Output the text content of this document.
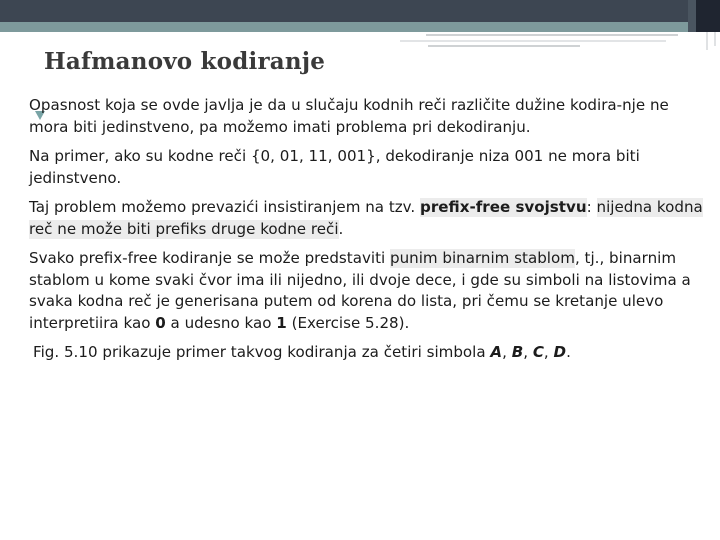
Hafmanovo kodiranje

Opasnost koja se ovde javlja je da u slučaju kodnih reči različite dužine kodira-nje ne mora biti jedinstveno, pa možemo imati problema pri dekodiranju.

Na primer, ako su kodne reči {0, 01, 11, 001}, dekodiranje niza 001 ne mora biti jedinstveno.

Taj problem možemo prevazići insistiranjem na tzv. prefix-free svojstvu: nijedna kodna reč ne može biti prefiks druge kodne reči.

Svako prefix-free kodiranje se može predstaviti punim binarnim stablom, tj., binarnim stablom u kome svaki čvor ima ili nijedno, ili dvoje dece, i gde su simboli na listovima a svaka kodna reč je generisana putem od korena do lista, pri čemu se kretanje ulevo interpretiira kao 0 a udesno kao 1 (Exercise 5.28).

Fig. 5.10 prikazuje primer takvog kodiranja za četiri simbola A, B, C, D.
